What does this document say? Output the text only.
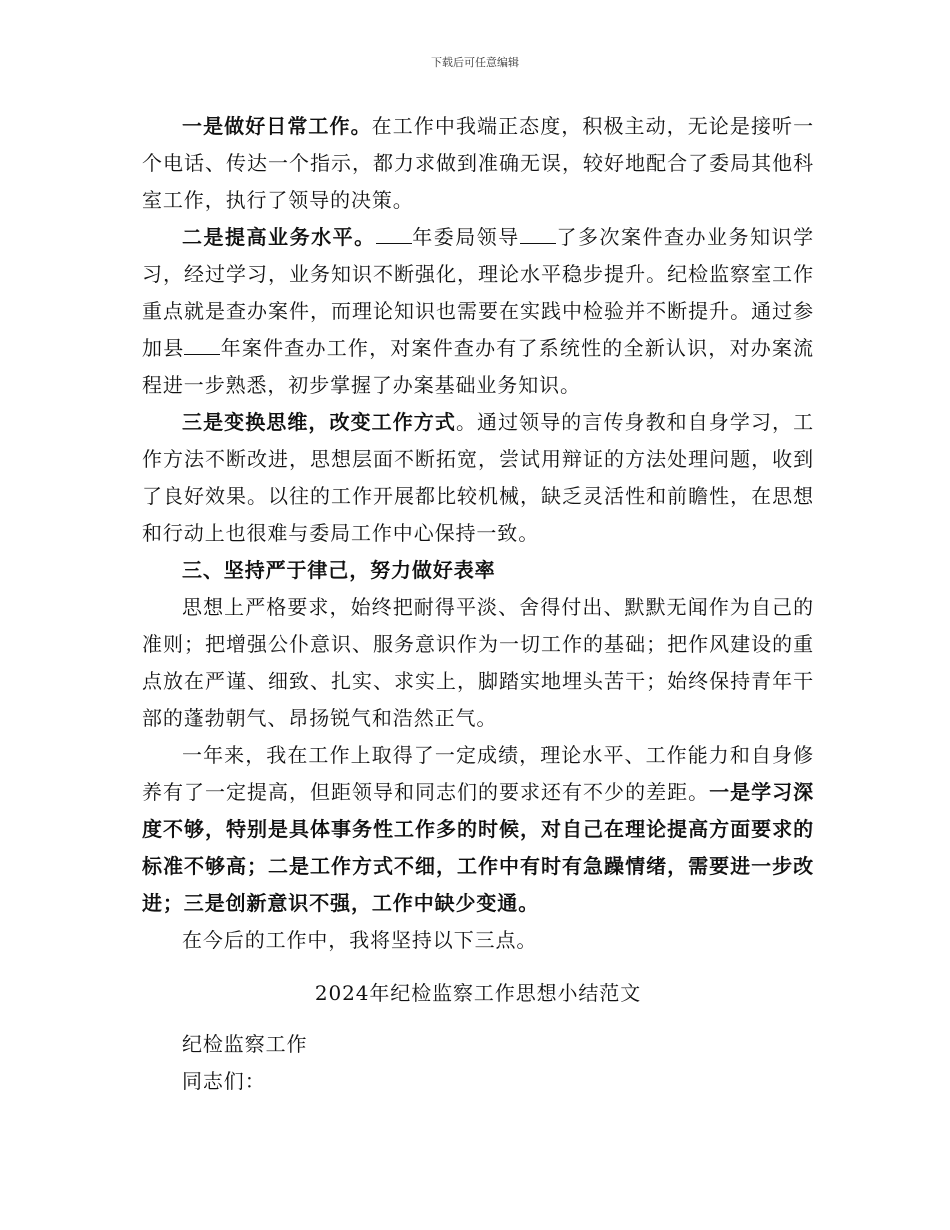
下载后可任意编辑

一是做好日常工作。在工作中我端正态度，积极主动，无论是接听一个电话、传达一个指示，都力求做到准确无误，较好地配合了委局其他科室工作，执行了领导的决策。

二是提高业务水平。 年委局领导 了多次案件查办业务知识学习，经过学习，业务知识不断强化，理论水平稳步提升。纪检监察室工作重点就是查办案件，而理论知识也需要在实践中检验并不断提升。通过参加县 年案件查办工作，对案件查办有了系统性的全新认识，对办案流程进一步熟悉，初步掌握了办案基础业务知识。

三是变换思维，改变工作方式。通过领导的言传身教和自身学习，工作方法不断改进，思想层面不断拓宽，尝试用辩证的方法处理问题，收到了良好效果。以往的工作开展都比较机械，缺乏灵活性和前瞻性，在思想和行动上也很难与委局工作中心保持一致。

三、坚持严于律己，努力做好表率

思想上严格要求，始终把耐得平淡、舍得付出、默默无闻作为自己的准则；把增强公仆意识、服务意识作为一切工作的基础；把作风建设的重点放在严谨、细致、扎实、求实上，脚踏实地埋头苦干；始终保持青年干部的蓬勃朝气、昂扬锐气和浩然正气。

一年来，我在工作上取得了一定成绩，理论水平、工作能力和自身修养有了一定提高，但距领导和同志们的要求还有不少的差距。一是学习深度不够，特别是具体事务性工作多的时候，对自己在理论提高方面要求的标准不够高；二是工作方式不细，工作中有时有急躁情绪，需要进一步改进；三是创新意识不强，工作中缺少变通。

在今后的工作中，我将坚持以下三点。

2024年纪检监察工作思想小结范文

纪检监察工作

同志们：
